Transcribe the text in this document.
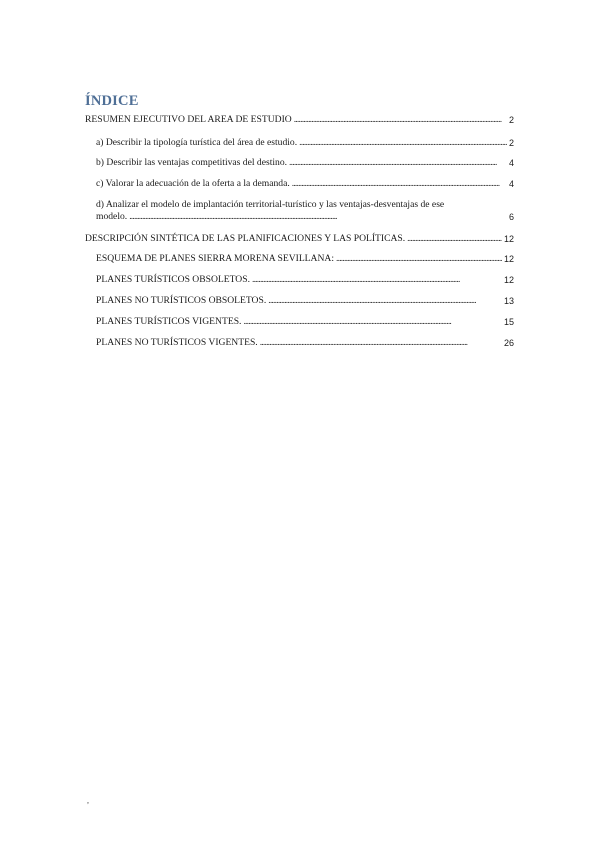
ÍNDICE
RESUMEN EJECUTIVO DEL AREA DE ESTUDIO . . .	2
a) Describir la tipología turística del área de estudio. . . .	2
b) Describir las ventajas competitivas del destino. . . .	4
c) Valorar la adecuación de la oferta a la demanda. . . .	4
d) Analizar el modelo de implantación territorial-turístico y las ventajas-desventajas de ese
modelo. . . .	6
DESCRIPCIÓN SINTÉTICA DE LAS PLANIFICACIONES Y LAS POLÍTICAS. . . .	12
ESQUEMA DE PLANES SIERRA MORENA SEVILLANA: . . .	12
PLANES TURÍSTICOS OBSOLETOS. . . .	12
PLANES NO TURÍSTICOS OBSOLETOS. . . .	13
PLANES TURÍSTICOS VIGENTES. . . .	15
PLANES NO TURÍSTICOS VIGENTES. . . .	26
,
